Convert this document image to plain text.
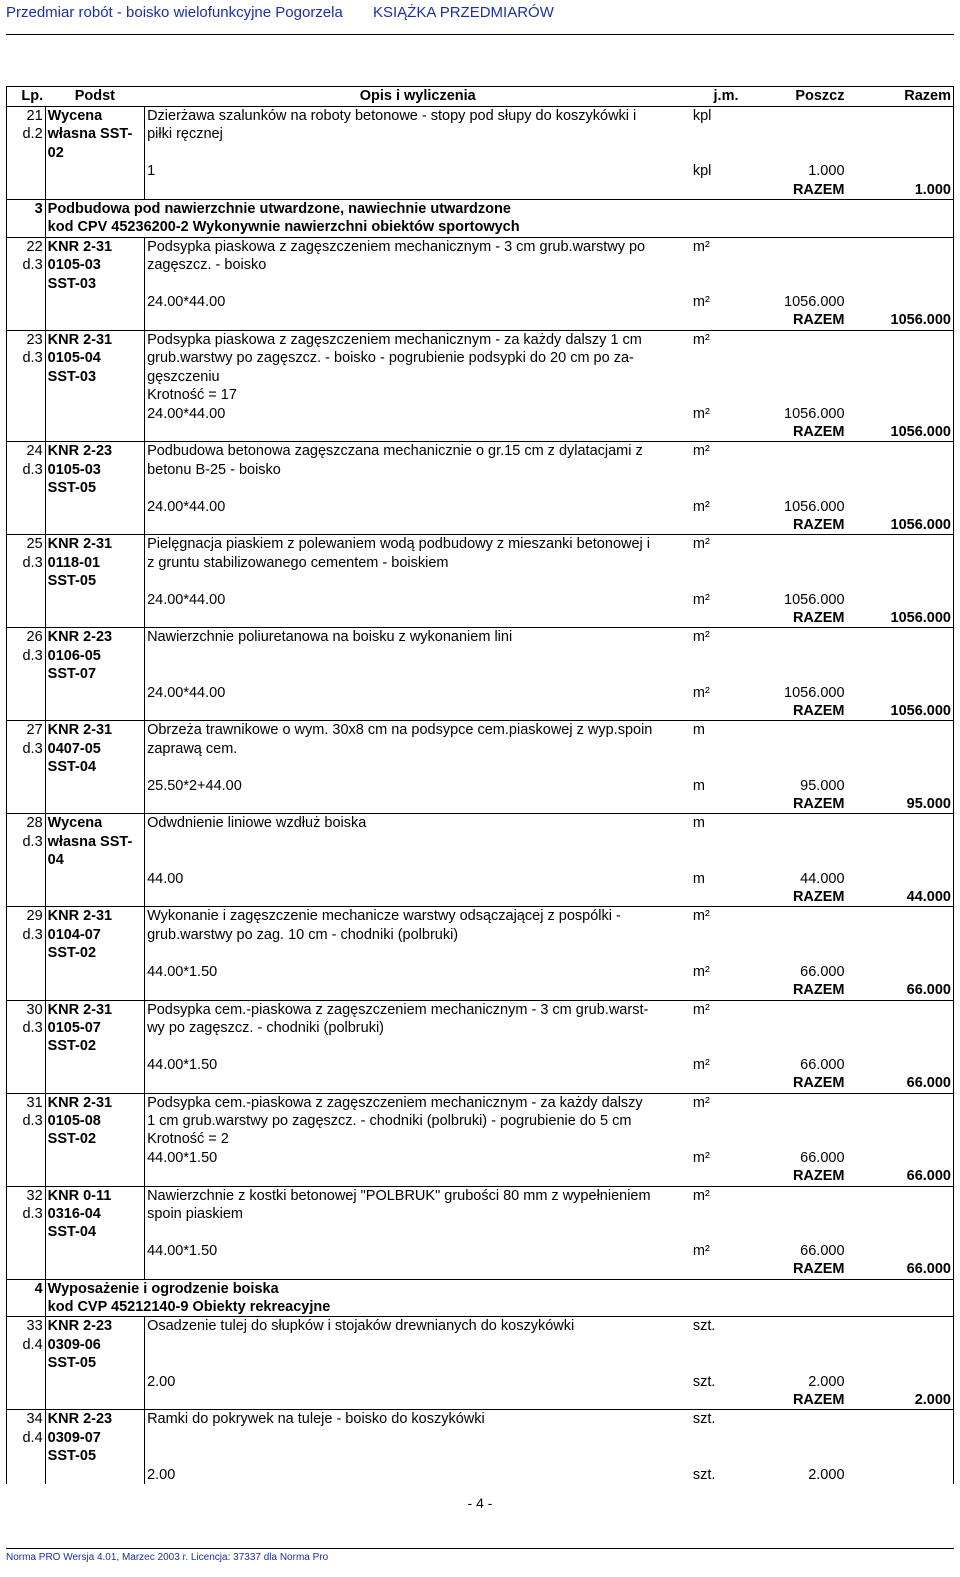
Przedmiar robót - boisko wielofunkcyjne Pogorzela KSIĄŻKA PRZEDMIARÓW
Lp.	Podst	Opis i wyliczenia	j.m.	Poszcz	Razem
21	Wycena	Dzierżawa szalunków na roboty betonowe - stopy pod słupy do koszykówki i	kpl		
d.2	własna SST-	piłki ręcznej			
	02				
		1	kpl	1.000	
				RAZEM	1.000
3	Podbudowa pod nawierzchnie utwardzone, nawiechnie utwardzone				
	kod CPV 45236200-2 Wykonywnie nawierzchni obiektów sportowych				
22	KNR 2-31	Podsypka piaskowa z zagęszczeniem mechanicznym - 3 cm grub.warstwy po	m²		
d.3	0105-03	zagęszcz. - boisko			
	SST-03				
		24.00*44.00	m²	1056.000	
				RAZEM	1056.000
23	KNR 2-31	Podsypka piaskowa z zagęszczeniem mechanicznym - za każdy dalszy 1 cm	m²		
d.3	0105-04	grub.warstwy po zagęszcz. - boisko - pogrubienie podsypki do 20 cm po za-			
	SST-03	gęszczeniu			
		Krotność = 17			
		24.00*44.00	m²	1056.000	
				RAZEM	1056.000
24	KNR 2-23	Podbudowa betonowa zagęszczana mechanicznie o gr.15 cm z dylatacjami z	m²		
d.3	0105-03	betonu B-25 - boisko			
	SST-05				
		24.00*44.00	m²	1056.000	
				RAZEM	1056.000
25	KNR 2-31	Pielęgnacja piaskiem z polewaniem wodą podbudowy z mieszanki betonowej i	m²		
d.3	0118-01	z gruntu stabilizowanego cementem - boiskiem			
	SST-05				
		24.00*44.00	m²	1056.000	
				RAZEM	1056.000
26	KNR 2-23	Nawierzchnie poliuretanowa na boisku z wykonaniem lini	m²		
d.3	0106-05				
	SST-07				
		24.00*44.00	m²	1056.000	
				RAZEM	1056.000
27	KNR 2-31	Obrzeża trawnikowe o wym. 30x8 cm na podsypce cem.piaskowej z wyp.spoin	m		
d.3	0407-05	zaprawą cem.			
	SST-04				
		25.50*2+44.00	m	95.000	
				RAZEM	95.000
28	Wycena	Odwdnienie liniowe wzdłuż boiska	m		
d.3	własna SST-				
	04				
		44.00	m	44.000	
				RAZEM	44.000
29	KNR 2-31	Wykonanie i zagęszczenie mechanicze warstwy odsączającej z pospólki -	m²		
d.3	0104-07	grub.warstwy po zag. 10 cm - chodniki (polbruki)			
	SST-02				
		44.00*1.50	m²	66.000	
				RAZEM	66.000
30	KNR 2-31	Podsypka cem.-piaskowa z zagęszczeniem mechanicznym - 3 cm grub.warst-	m²		
d.3	0105-07	wy po zagęszcz. - chodniki (polbruki)			
	SST-02				
		44.00*1.50	m²	66.000	
				RAZEM	66.000
31	KNR 2-31	Podsypka cem.-piaskowa z zagęszczeniem mechanicznym - za każdy dalszy	m²		
d.3	0105-08	1 cm grub.warstwy po zagęszcz. - chodniki (polbruki) - pogrubienie do 5 cm			
	SST-02	Krotność = 2			
		44.00*1.50	m²	66.000	
				RAZEM	66.000
32	KNR 0-11	Nawierzchnie z kostki betonowej "POLBRUK" grubości 80 mm z wypełnieniem	m²		
d.3	0316-04	spoin piaskiem			
	SST-04				
		44.00*1.50	m²	66.000	
				RAZEM	66.000
4	Wyposażenie i ogrodzenie boiska				
	kod CVP 45212140-9 Obiekty rekreacyjne				
33	KNR 2-23	Osadzenie tulej do słupków i stojaków drewnianych do koszykówki	szt.		
d.4	0309-06				
	SST-05				
		2.00	szt.	2.000	
				RAZEM	2.000
34	KNR 2-23	Ramki do pokrywek na tuleje - boisko do koszykówki	szt.		
d.4	0309-07				
	SST-05				
		2.00	szt.	2.000	
- 4 -
Norma PRO Wersja 4.01, Marzec 2003 r. Licencja: 37337 dla Norma Pro
